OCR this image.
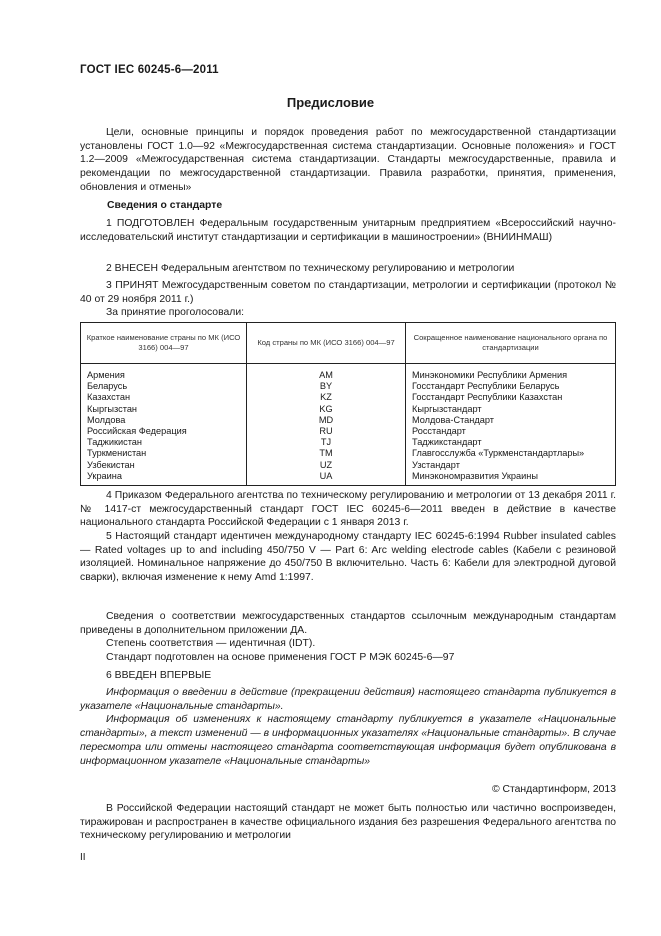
ГОСТ IEC 60245-6—2011
Предисловие

Цели, основные принципы и порядок проведения работ по межгосударственной стандартизации установлены ГОСТ 1.0—92 «Межгосударственная система стандартизации. Основные положения» и ГОСТ 1.2—2009 «Межгосударственная система стандартизации. Стандарты межгосударственные, правила и рекомендации по межгосударственной стандартизации. Правила разработки, принятия, применения, обновления и отмены»

Сведения о стандарте

1 ПОДГОТОВЛЕН Федеральным государственным унитарным предприятием «Всероссийский научно-исследовательский институт стандартизации и сертификации в машиностроении» (ВНИИНМАШ)

2 ВНЕСЕН Федеральным агентством по техническому регулированию и метрологии

3 ПРИНЯТ Межгосударственным советом по стандартизации, метрологии и сертификации (протокол № 40 от 29 ноября 2011 г.)

За принятие проголосовали:

Краткое наименование страны по МК (ИСО 3166) 004—97	Код страны по МК (ИСО 3166) 004—97	Сокращенное наименование национального органа по стандартизации
Армения	AM	Минэкономики Республики Армения
Беларусь	BY	Госстандарт Республики Беларусь
Казахстан	KZ	Госстандарт Республики Казахстан
Кыргызстан	KG	Кыргызстандарт
Молдова	MD	Молдова-Стандарт
Российская Федерация	RU	Росстандарт
Таджикистан	TJ	Таджикстандарт
Туркменистан	TM	Главгосслужба «Туркменстандартлары»
Узбекистан	UZ	Узстандарт
Украина	UA	Минэкономразвития Украины

4 Приказом Федерального агентства по техническому регулированию и метрологии от 13 декабря 2011 г. № 1417-ст межгосударственный стандарт ГОСТ IEC 60245-6—2011 введен в действие в качестве национального стандарта Российской Федерации с 1 января 2013 г.

5 Настоящий стандарт идентичен международному стандарту IEC 60245-6:1994 Rubber insulated cables — Rated voltages up to and including 450/750 V — Part 6: Arc welding electrode cables (Кабели с резиновой изоляцией. Номинальное напряжение до 450/750 В включительно. Часть 6: Кабели для электродной дуговой сварки), включая изменение к нему Amd 1:1997.

Сведения о соответствии межгосударственных стандартов ссылочным международным стандартам приведены в дополнительном приложении ДА.

Степень соответствия — идентичная (IDT).

Стандарт подготовлен на основе применения ГОСТ Р МЭК 60245-6—97

6 ВВЕДЕН ВПЕРВЫЕ

Информация о введении в действие (прекращении действия) настоящего стандарта публикуется в указателе «Национальные стандарты».

Информация об изменениях к настоящему стандарту публикуется в указателе «Национальные стандарты», а текст изменений — в информационных указателях «Национальные стандарты». В случае пересмотра или отмены настоящего стандарта соответствующая информация будет опубликована в информационном указателе «Национальные стандарты»

© Стандартинформ, 2013

В Российской Федерации настоящий стандарт не может быть полностью или частично воспроизведен, тиражирован и распространен в качестве официального издания без разрешения Федерального агентства по техническому регулированию и метрологии

II
